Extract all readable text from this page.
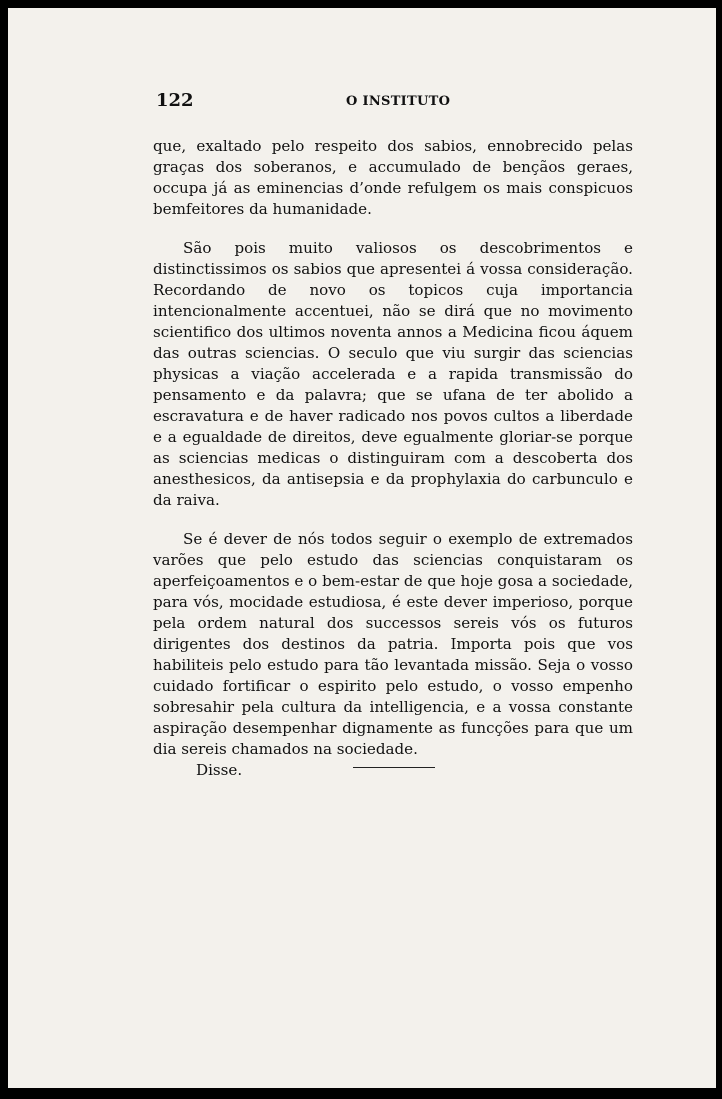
122	O INSTITUTO

que, exaltado pelo respeito dos sabios, ennobrecido pelas graças dos soberanos, e accumulado de bençãos geraes, occupa já as eminencias d’onde refulgem os mais conspicuos bemfeitores da humanidade.

São pois muito valiosos os descobrimentos e distinctissimos os sabios que apresentei á vossa consideração. Recordando de novo os topicos cuja importancia intencionalmente accentuei, não se dirá que no movimento scientifico dos ultimos noventa annos a Medicina ficou áquem das outras sciencias. O seculo que viu surgir das sciencias physicas a viação accelerada e a rapida transmissão do pensamento e da palavra; que se ufana de ter abolido a escravatura e de haver radicado nos povos cultos a liberdade e a egualdade de direitos, deve egualmente gloriar-se porque as sciencias medicas o distinguiram com a descoberta dos anesthesicos, da antisepsia e da prophylaxia do carbunculo e da raiva.

Se é dever de nós todos seguir o exemplo de extremados varões que pelo estudo das sciencias conquistaram os aperfeiçoamentos e o bem-estar de que hoje gosa a sociedade, para vós, mocidade estudiosa, é este dever imperioso, porque pela ordem natural dos successos sereis vós os futuros dirigentes dos destinos da patria. Importa pois que vos habiliteis pelo estudo para tão levantada missão. Seja o vosso cuidado fortificar o espirito pelo estudo, o vosso empenho sobresahir pela cultura da intelligencia, e a vossa constante aspiração desempenhar dignamente as funcções para que um dia sereis chamados na sociedade.

Disse.
